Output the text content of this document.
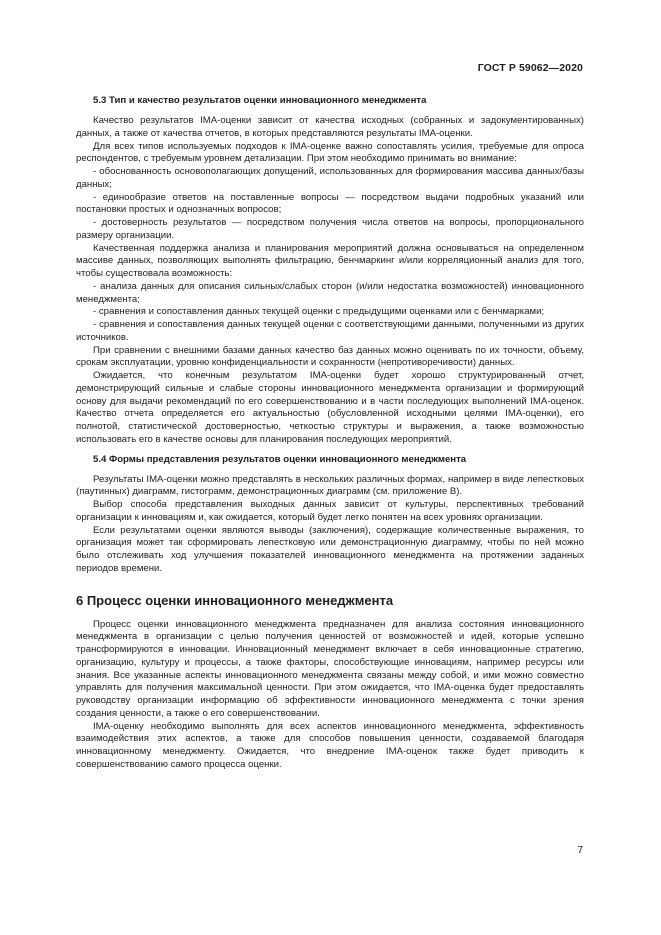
ГОСТ Р 59062—2020
5.3 Тип и качество результатов оценки инновационного менеджмента

Качество результатов IMA-оценки зависит от качества исходных (собранных и задокументированных) данных, а также от качества отчетов, в которых представляются результаты IMA-оценки.

Для всех типов используемых подходов к IMA-оценке важно сопоставлять усилия, требуемые для опроса респондентов, с требуемым уровнем детализации. При этом необходимо принимать во внимание:

- обоснованность основополагающих допущений, использованных для формирования массива данных/базы данных;

- единообразие ответов на поставленные вопросы — посредством выдачи подробных указаний или постановки простых и однозначных вопросов;

- достоверность результатов — посредством получения числа ответов на вопросы, пропорционального размеру организации.

Качественная поддержка анализа и планирования мероприятий должна основываться на определенном массиве данных, позволяющих выполнять фильтрацию, бенчмаркинг и/или корреляционный анализ для того, чтобы существовала возможность:

- анализа данных для описания сильных/слабых сторон (и/или недостатка возможностей) инновационного менеджмента;

- сравнения и сопоставления данных текущей оценки с предыдущими оценками или с бенчмарками;

- сравнения и сопоставления данных текущей оценки с соответствующими данными, полученными из других источников.

При сравнении с внешними базами данных качество баз данных можно оценивать по их точности, объему, срокам эксплуатации, уровню конфиденциальности и сохранности (непротиворечивости) данных.

Ожидается, что конечным результатом IMA-оценки будет хорошо структурированный отчет, демонстрирующий сильные и слабые стороны инновационного менеджмента организации и формирующий основу для выдачи рекомендаций по его совершенствованию и в части последующих выполнений IMA-оценок. Качество отчета определяется его актуальностью (обусловленной исходными целями IMA-оценки), его полнотой, статистической достоверностью, четкостью структуры и выражения, а также возможностью использовать его в качестве основы для планирования последующих мероприятий.

5.4 Формы представления результатов оценки инновационного менеджмента

Результаты IMA-оценки можно представлять в нескольких различных формах, например в виде лепестковых (паутинных) диаграмм, гистограмм, демонстрационных диаграмм (см. приложение В).

Выбор способа представления выходных данных зависит от культуры, перспективных требований организации к инновациям и, как ожидается, который будет легко понятен на всех уровнях организации.

Если результатами оценки являются выводы (заключения), содержащие количественные выражения, то организация может так сформировать лепестковую или демонстрационную диаграмму, чтобы по ней можно было отслеживать ход улучшения показателей инновационного менеджмента на протяжении заданных периодов времени.

6 Процесс оценки инновационного менеджмента

Процесс оценки инновационного менеджмента предназначен для анализа состояния инновационного менеджмента в организации с целью получения ценностей от возможностей и идей, которые успешно трансформируются в инновации. Инновационный менеджмент включает в себя инновационные стратегию, организацию, культуру и процессы, а также факторы, способствующие инновациям, например ресурсы или знания. Все указанные аспекты инновационного менеджмента связаны между собой, и ими можно совместно управлять для получения максимальной ценности. При этом ожидается, что IMA-оценка будет предоставлять руководству организации информацию об эффективности инновационного менеджмента с точки зрения создания ценности, а также о его совершенствовании.

IMA-оценку необходимо выполнять для всех аспектов инновационного менеджмента, эффективность взаимодействия этих аспектов, а также для способов повышения ценности, создаваемой благодаря инновационному менеджменту. Ожидается, что внедрение IMA-оценок также будет приводить к совершенствованию самого процесса оценки.

7
